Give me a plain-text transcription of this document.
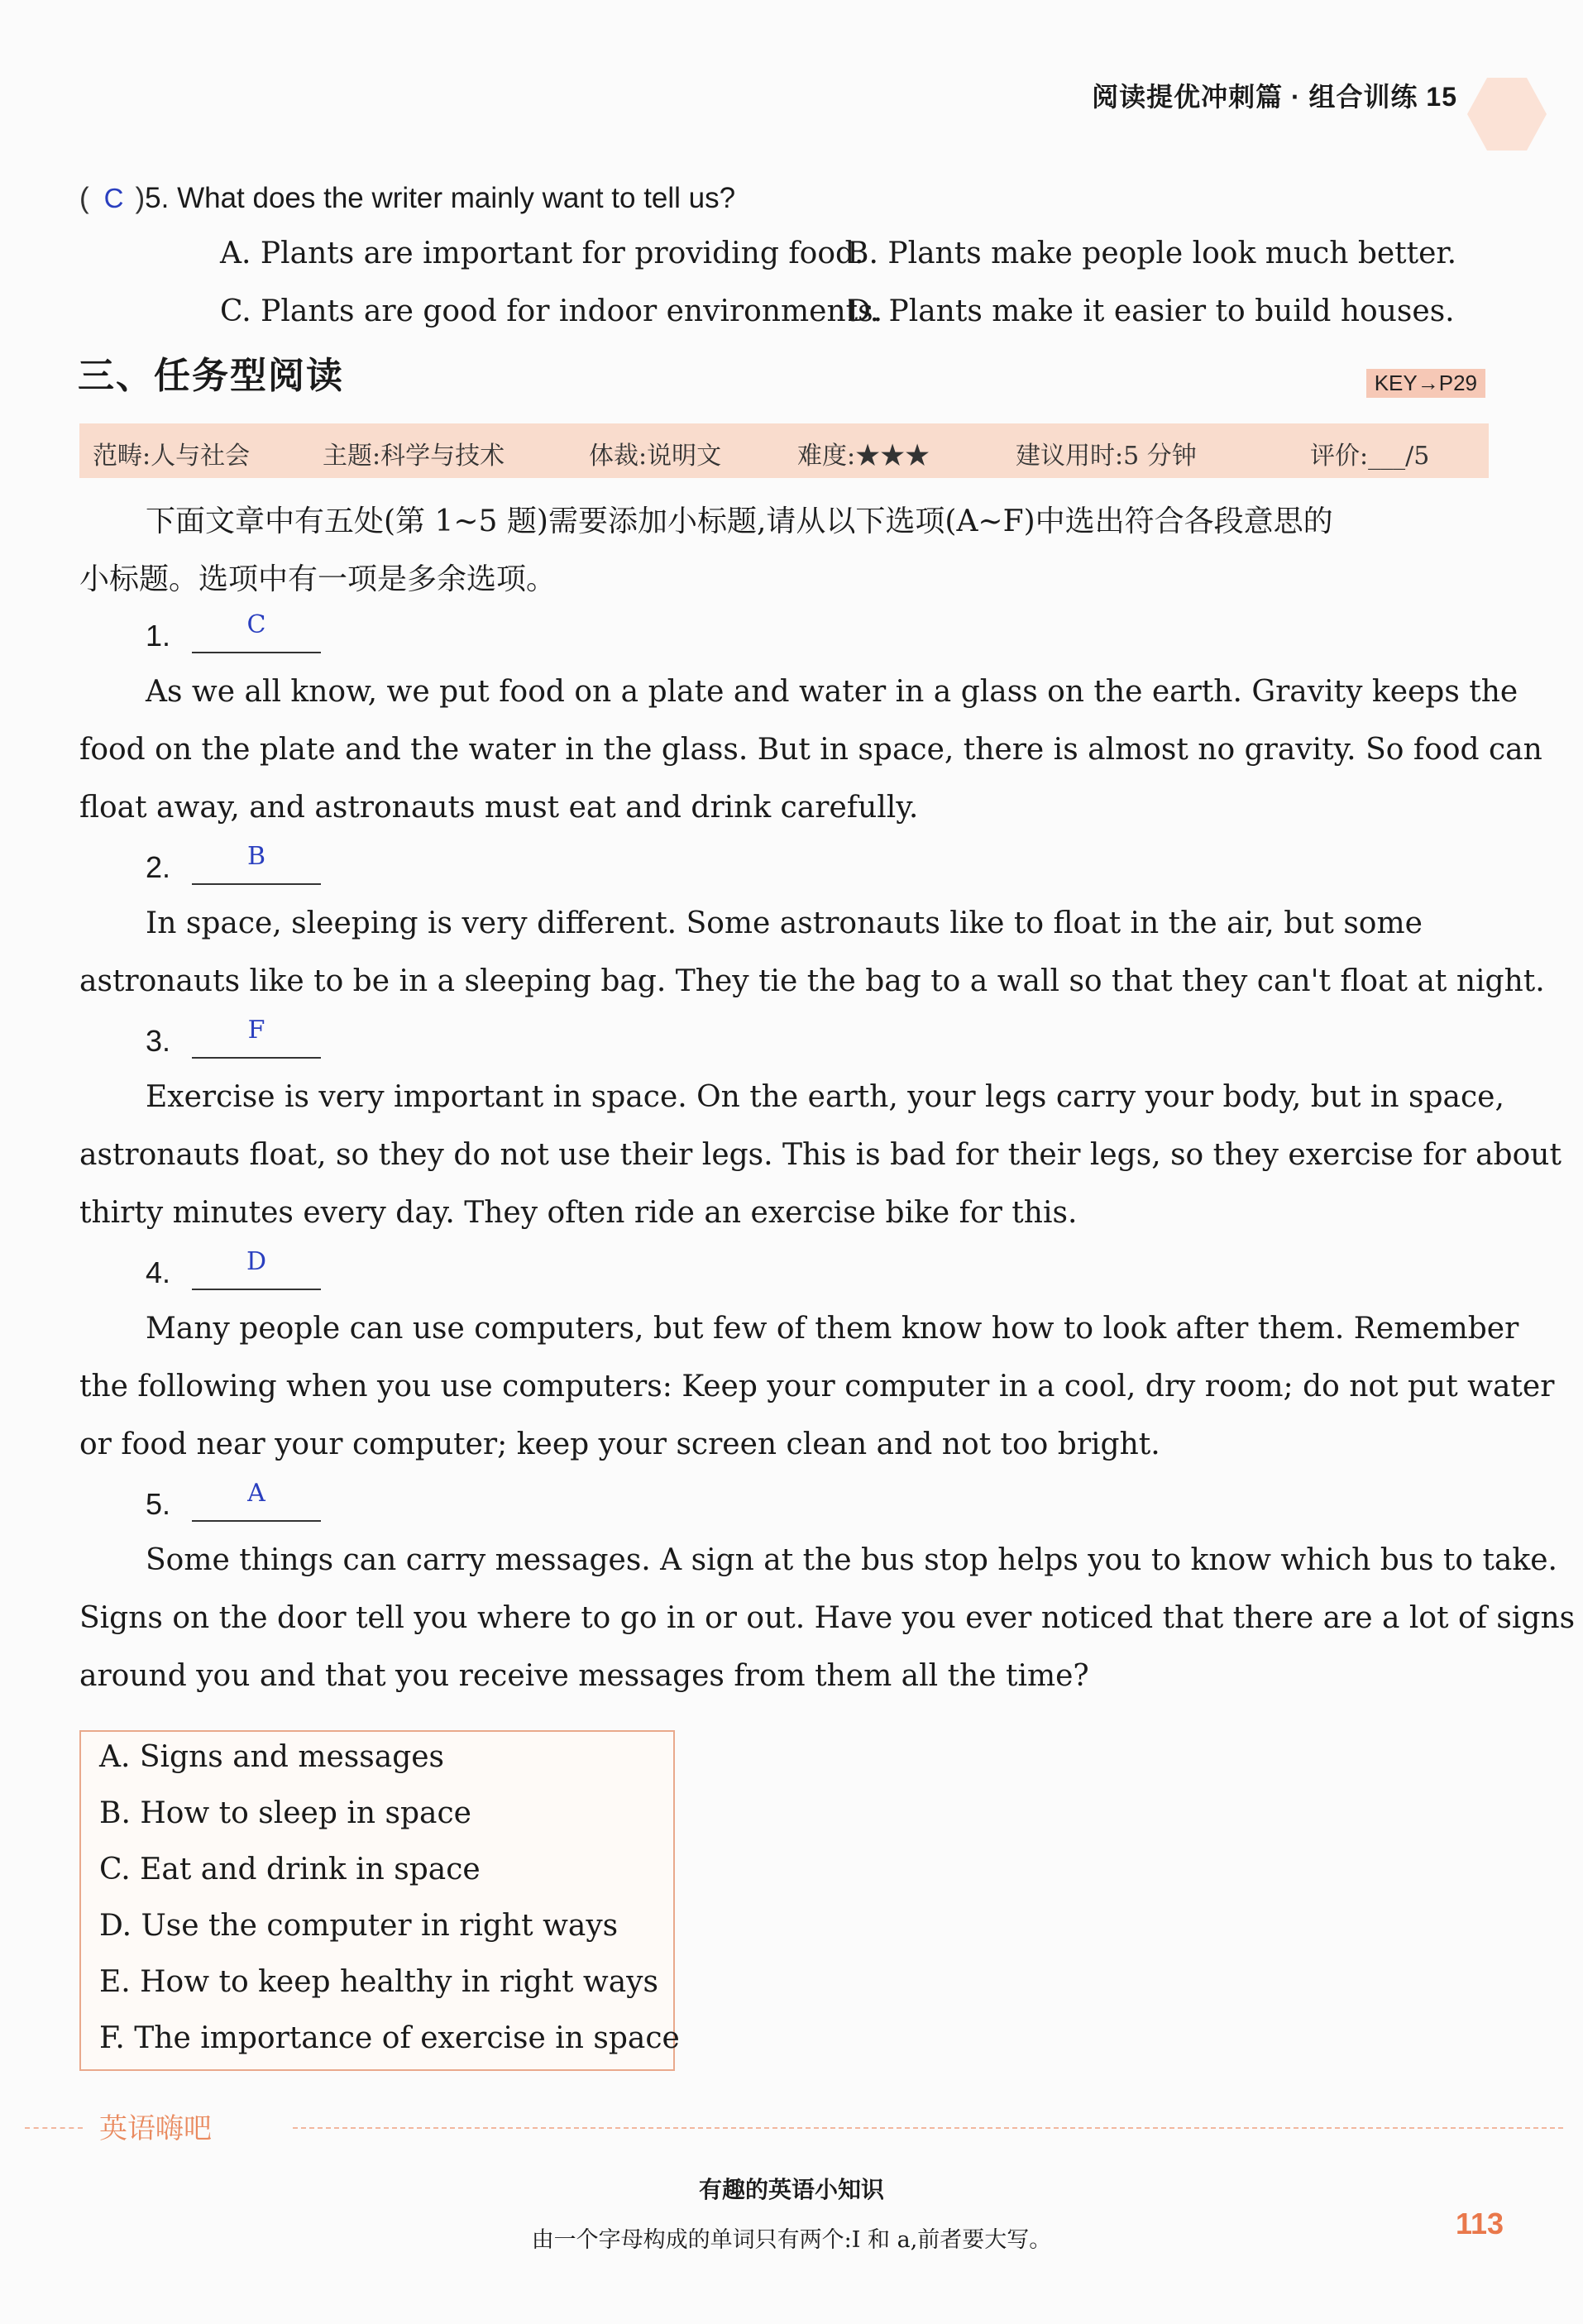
阅读提优冲刺篇 · 组合训练 15
( C )5. What does the writer mainly want to tell us?
A. Plants are important for providing food.
B. Plants make people look much better.
C. Plants are good for indoor environments.
D. Plants make it easier to build houses.
三、任务型阅读	KEY→P29
范畴:人与社会	主题:科学与技术	体裁:说明文	难度:★★★	建议用时:5 分钟	评价:___/5
下面文章中有五处(第 1~5 题)需要添加小标题,请从以下选项(A~F)中选出符合各段意思的
小标题。选项中有一项是多余选项。
1.	C
As we all know, we put food on a plate and water in a glass on the earth. Gravity keeps the
food on the plate and the water in the glass. But in space, there is almost no gravity. So food can
float away, and astronauts must eat and drink carefully.
2.	B
In space, sleeping is very different. Some astronauts like to float in the air, but some
astronauts like to be in a sleeping bag. They tie the bag to a wall so that they can't float at night.
3.	F
Exercise is very important in space. On the earth, your legs carry your body, but in space,
astronauts float, so they do not use their legs. This is bad for their legs, so they exercise for about
thirty minutes every day. They often ride an exercise bike for this.
4.	D
Many people can use computers, but few of them know how to look after them. Remember
the following when you use computers: Keep your computer in a cool, dry room; do not put water
or food near your computer; keep your screen clean and not too bright.
5.	A
Some things can carry messages. A sign at the bus stop helps you to know which bus to take.
Signs on the door tell you where to go in or out. Have you ever noticed that there are a lot of signs
around you and that you receive messages from them all the time?
A. Signs and messages
B. How to sleep in space
C. Eat and drink in space
D. Use the computer in right ways
E. How to keep healthy in right ways
F. The importance of exercise in space
英语嗨吧
有趣的英语小知识
由一个字母构成的单词只有两个:I 和 a,前者要大写。	113
